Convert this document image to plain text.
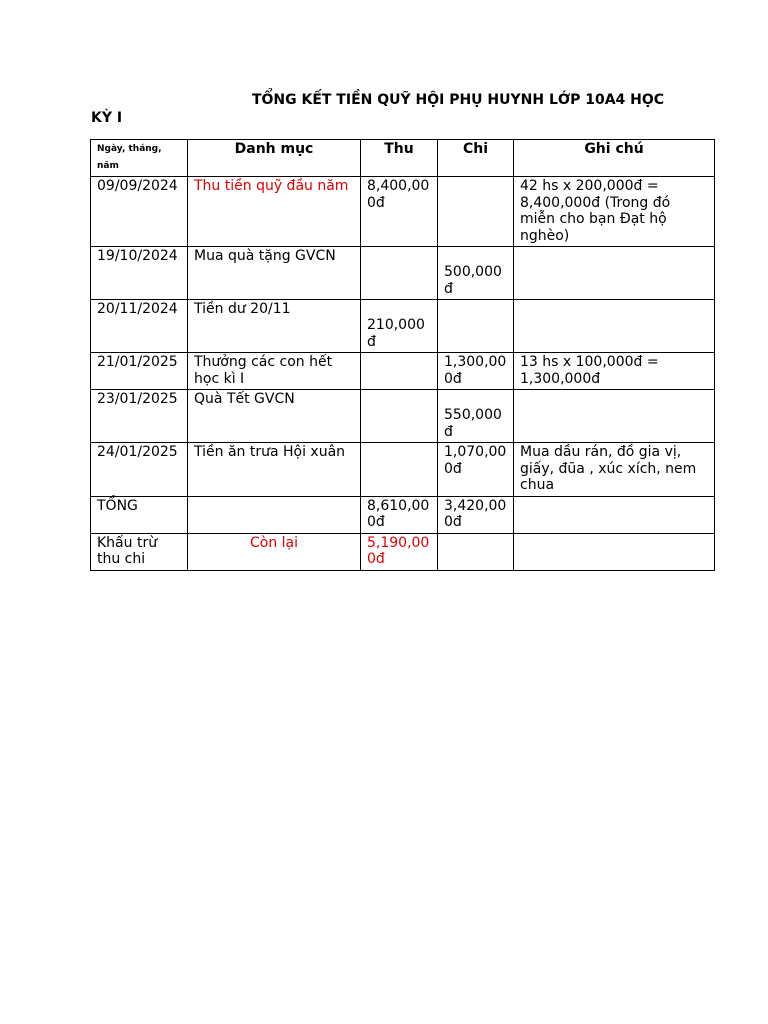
TỔNG KẾT TIỀN QUỸ HỘI PHỤ HUYNH LỚP 10A4 HỌC
KỲ I
Ngày, tháng, năm	Danh mục	Thu	Chi	Ghi chú
09/09/2024	Thu tiền quỹ đầu năm	8,400,000đ		42 hs x 200,000đ = 8,400,000đ (Trong đó miễn cho bạn Đạt hộ nghèo)
19/10/2024	Mua quà tặng GVCN		500,000 đ	

20/11/2024	Tiền dư 20/11	210,000 đ		

21/01/2025	Thưởng các con hết học kì I		1,300,000đ	13 hs x 100,000đ = 1,300,000đ
23/01/2025	Quà Tết GVCN		550,000 đ	

24/01/2025	Tiền ăn trưa Hội xuân		1,070,000đ	Mua dầu rán, đồ gia vị, giấy, đũa , xúc xích, nem chua
TỔNG		8,610,000đ	3,420,000đ	
Khấu trừ thu chi	Còn lại	5,190,000đ		
